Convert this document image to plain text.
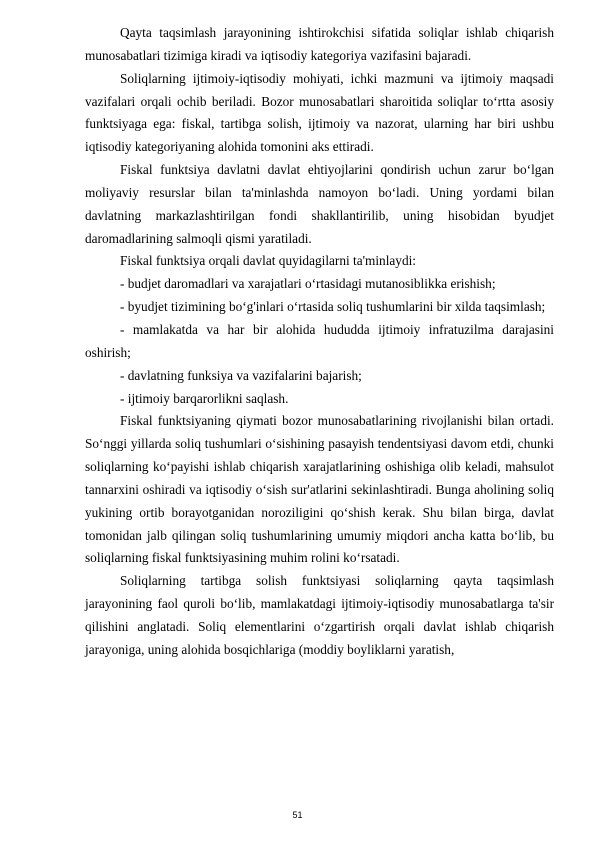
Qayta taqsimlash jarayonining ishtirokchisi sifatida soliqlar ishlab chiqarish munosabatlari tizimiga kiradi va iqtisodiy kategoriya vazifasini bajaradi.

Soliqlarning ijtimoiy-iqtisodiy mohiyati, ichki mazmuni va ijtimoiy maqsadi vazifalari orqali ochib beriladi. Bozor munosabatlari sharoitida soliqlar to‘rtta asosiy funktsiyaga ega: fiskal, tartibga solish, ijtimoiy va nazorat, ularning har biri ushbu iqtisodiy kategoriyaning alohida tomonini aks ettiradi.

Fiskal funktsiya davlatni davlat ehtiyojlarini qondirish uchun zarur bo‘lgan moliyaviy resurslar bilan ta'minlashda namoyon bo‘ladi. Uning yordami bilan davlatning markazlashtirilgan fondi shakllantirilib, uning hisobidan byudjet daromadlarining salmoqli qismi yaratiladi.

Fiskal funktsiya orqali davlat quyidagilarni ta'minlaydi:

- budjet daromadlari va xarajatlari o‘rtasidagi mutanosiblikka erishish;

- byudjet tizimining bo‘g'inlari o‘rtasida soliq tushumlarini bir xilda taqsimlash;

- mamlakatda va har bir alohida hududda ijtimoiy infratuzilma darajasini oshirish;

- davlatning funksiya va vazifalarini bajarish;

- ijtimoiy barqarorlikni saqlash.

Fiskal funktsiyaning qiymati bozor munosabatlarining rivojlanishi bilan ortadi. So‘nggi yillarda soliq tushumlari o‘sishining pasayish tendentsiyasi davom etdi, chunki soliqlarning ko‘payishi ishlab chiqarish xarajatlarining oshishiga olib keladi, mahsulot tannarxini oshiradi va iqtisodiy o‘sish sur'atlarini sekinlashtiradi. Bunga aholining soliq yukining ortib borayotganidan noroziligini qo‘shish kerak. Shu bilan birga, davlat tomonidan jalb qilingan soliq tushumlarining umumiy miqdori ancha katta bo‘lib, bu soliqlarning fiskal funktsiyasining muhim rolini ko‘rsatadi.

Soliqlarning tartibga solish funktsiyasi soliqlarning qayta taqsimlash jarayonining faol quroli bo‘lib, mamlakatdagi ijtimoiy-iqtisodiy munosabatlarga ta'sir qilishini anglatadi. Soliq elementlarini o‘zgartirish orqali davlat ishlab chiqarish jarayoniga, uning alohida bosqichlariga (moddiy boyliklarni yaratish,

51
